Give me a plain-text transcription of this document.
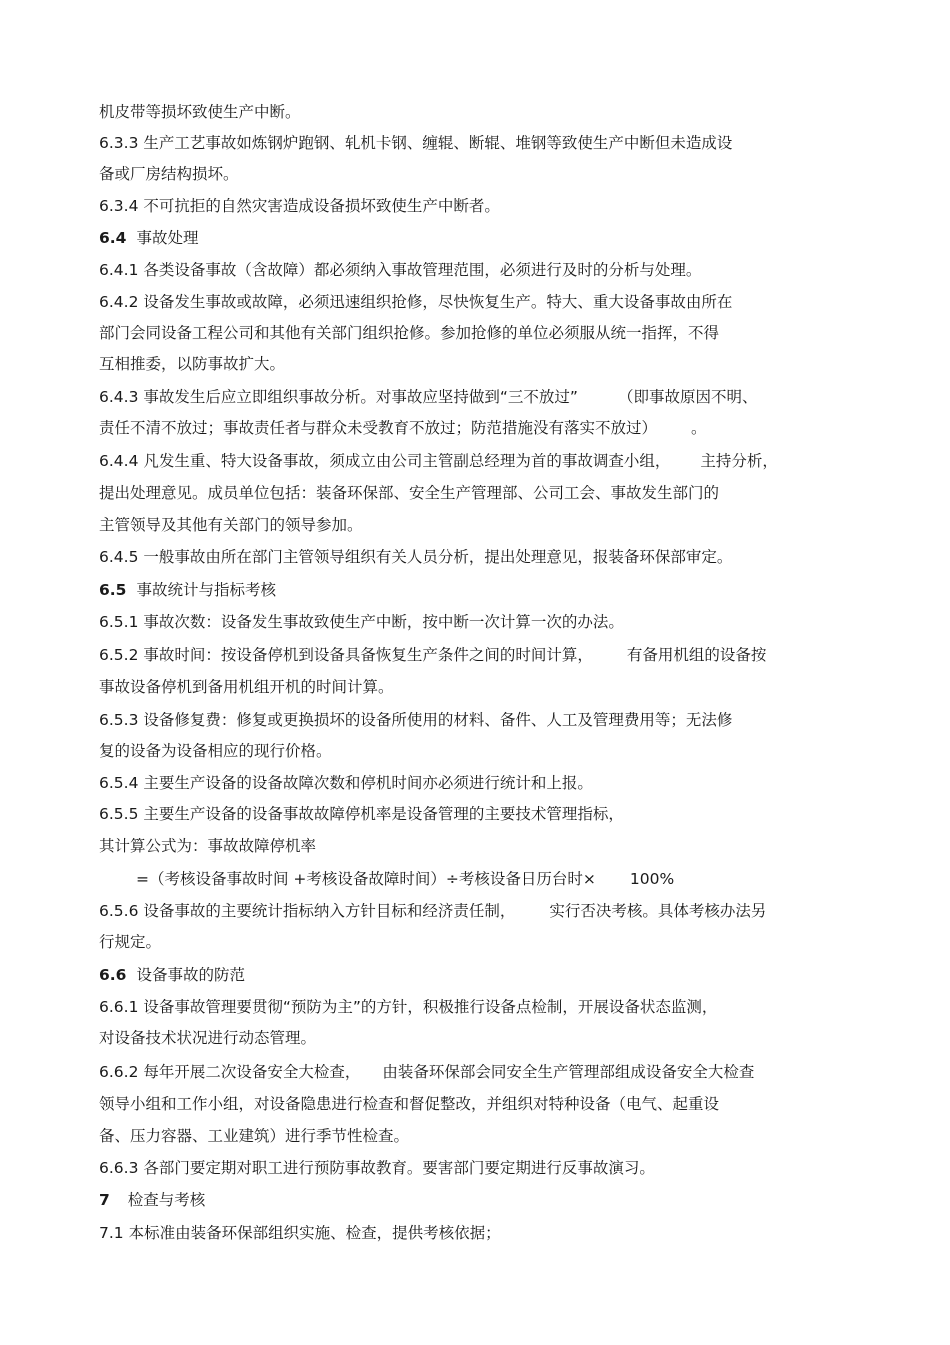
机皮带等损坏致使生产中断。
6.3.3 生产工艺事故如炼钢炉跑钢、轧机卡钢、缠辊、断辊、堆钢等致使生产中断但未造成设
备或厂房结构损坏。
6.3.4 不可抗拒的自然灾害造成设备损坏致使生产中断者。
6.4 事故处理
6.4.1 各类设备事故（含故障）都必须纳入事故管理范围，必须进行及时的分析与处理。
6.4.2 设备发生事故或故障，必须迅速组织抢修，尽快恢复生产。特大、重大设备事故由所在
部门会同设备工程公司和其他有关部门组织抢修。参加抢修的单位必须服从统一指挥，不得
互相推委，以防事故扩大。
6.4.3 事故发生后应立即组织事故分析。对事故应坚持做到“三不放过”	（即事故原因不明、
责任不清不放过；事故责任者与群众未受教育不放过；防范措施没有落实不放过） 。
6.4.4 凡发生重、特大设备事故，须成立由公司主管副总经理为首的事故调查小组， 主持分析，
提出处理意见。成员单位包括：装备环保部、安全生产管理部、公司工会、事故发生部门的
主管领导及其他有关部门的领导参加。
6.4.5 一般事故由所在部门主管领导组织有关人员分析，提出处理意见，报装备环保部审定。
6.5 事故统计与指标考核
6.5.1 事故次数：设备发生事故致使生产中断，按中断一次计算一次的办法。
6.5.2 事故时间：按设备停机到设备具备恢复生产条件之间的时间计算， 有备用机组的设备按
事故设备停机到备用机组开机的时间计算。
6.5.3 设备修复费：修复或更换损坏的设备所使用的材料、备件、人工及管理费用等；无法修
复的设备为设备相应的现行价格。
6.5.4 主要生产设备的设备故障次数和停机时间亦必须进行统计和上报。
6.5.5 主要生产设备的设备事故故障停机率是设备管理的主要技术管理指标，
其计算公式为：事故故障停机率
=（考核设备事故时间 +考核设备故障时间）÷考核设备日历台时× 100%
6.5.6 设备事故的主要统计指标纳入方针目标和经济责任制， 实行否决考核。具体考核办法另
行规定。
6.6 设备事故的防范
6.6.1 设备事故管理要贯彻“预防为主”的方针，积极推行设备点检制，开展设备状态监测，
对设备技术状况进行动态管理。
6.6.2 每年开展二次设备安全大检查， 由装备环保部会同安全生产管理部组成设备安全大检查
领导小组和工作小组，对设备隐患进行检查和督促整改，并组织对特种设备（电气、起重设
备、压力容器、工业建筑）进行季节性检查。
6.6.3 各部门要定期对职工进行预防事故教育。要害部门要定期进行反事故演习。
7 检查与考核
7.1 本标准由装备环保部组织实施、检查，提供考核依据；
